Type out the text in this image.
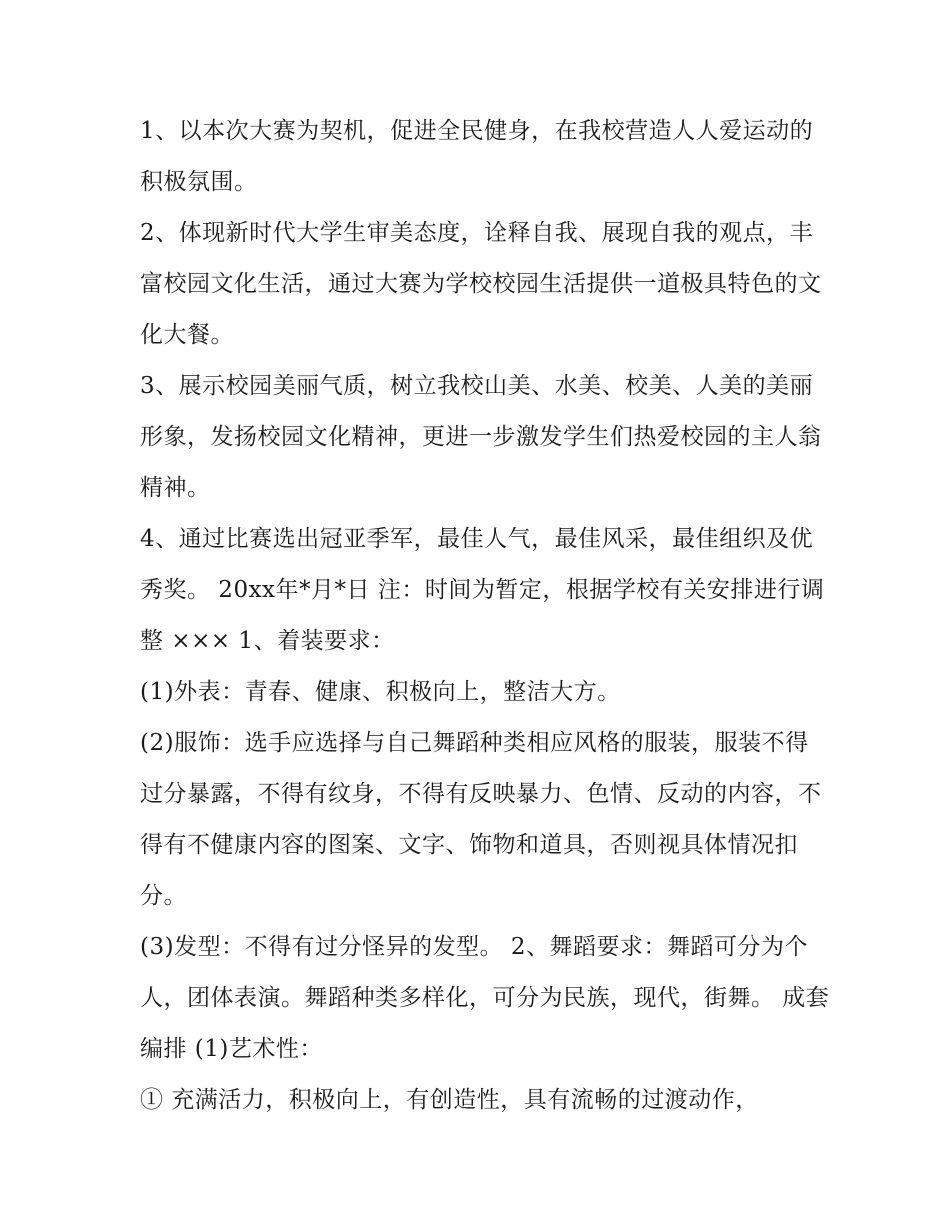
1、以本次大赛为契机，促进全民健身，在我校营造人人爱运动的积极氛围。

2、体现新时代大学生审美态度，诠释自我、展现自我的观点，丰富校园文化生活，通过大赛为学校校园生活提供一道极具特色的文化大餐。

3、展示校园美丽气质，树立我校山美、水美、校美、人美的美丽形象，发扬校园文化精神，更进一步激发学生们热爱校园的主人翁精神。

4、通过比赛选出冠亚季军，最佳人气，最佳风采，最佳组织及优秀奖。 20xx年*月*日 注：时间为暂定，根据学校有关安排进行调整 ××× 1、着装要求：

(1)外表：青春、健康、积极向上，整洁大方。

(2)服饰：选手应选择与自己舞蹈种类相应风格的服装，服装不得过分暴露，不得有纹身，不得有反映暴力、色情、反动的内容，不得有不健康内容的图案、文字、饰物和道具，否则视具体情况扣分。

(3)发型：不得有过分怪异的发型。 2、舞蹈要求：舞蹈可分为个人，团体表演。舞蹈种类多样化，可分为民族，现代，街舞。 成套编排 (1)艺术性：

① 充满活力，积极向上，有创造性，具有流畅的过渡动作，
